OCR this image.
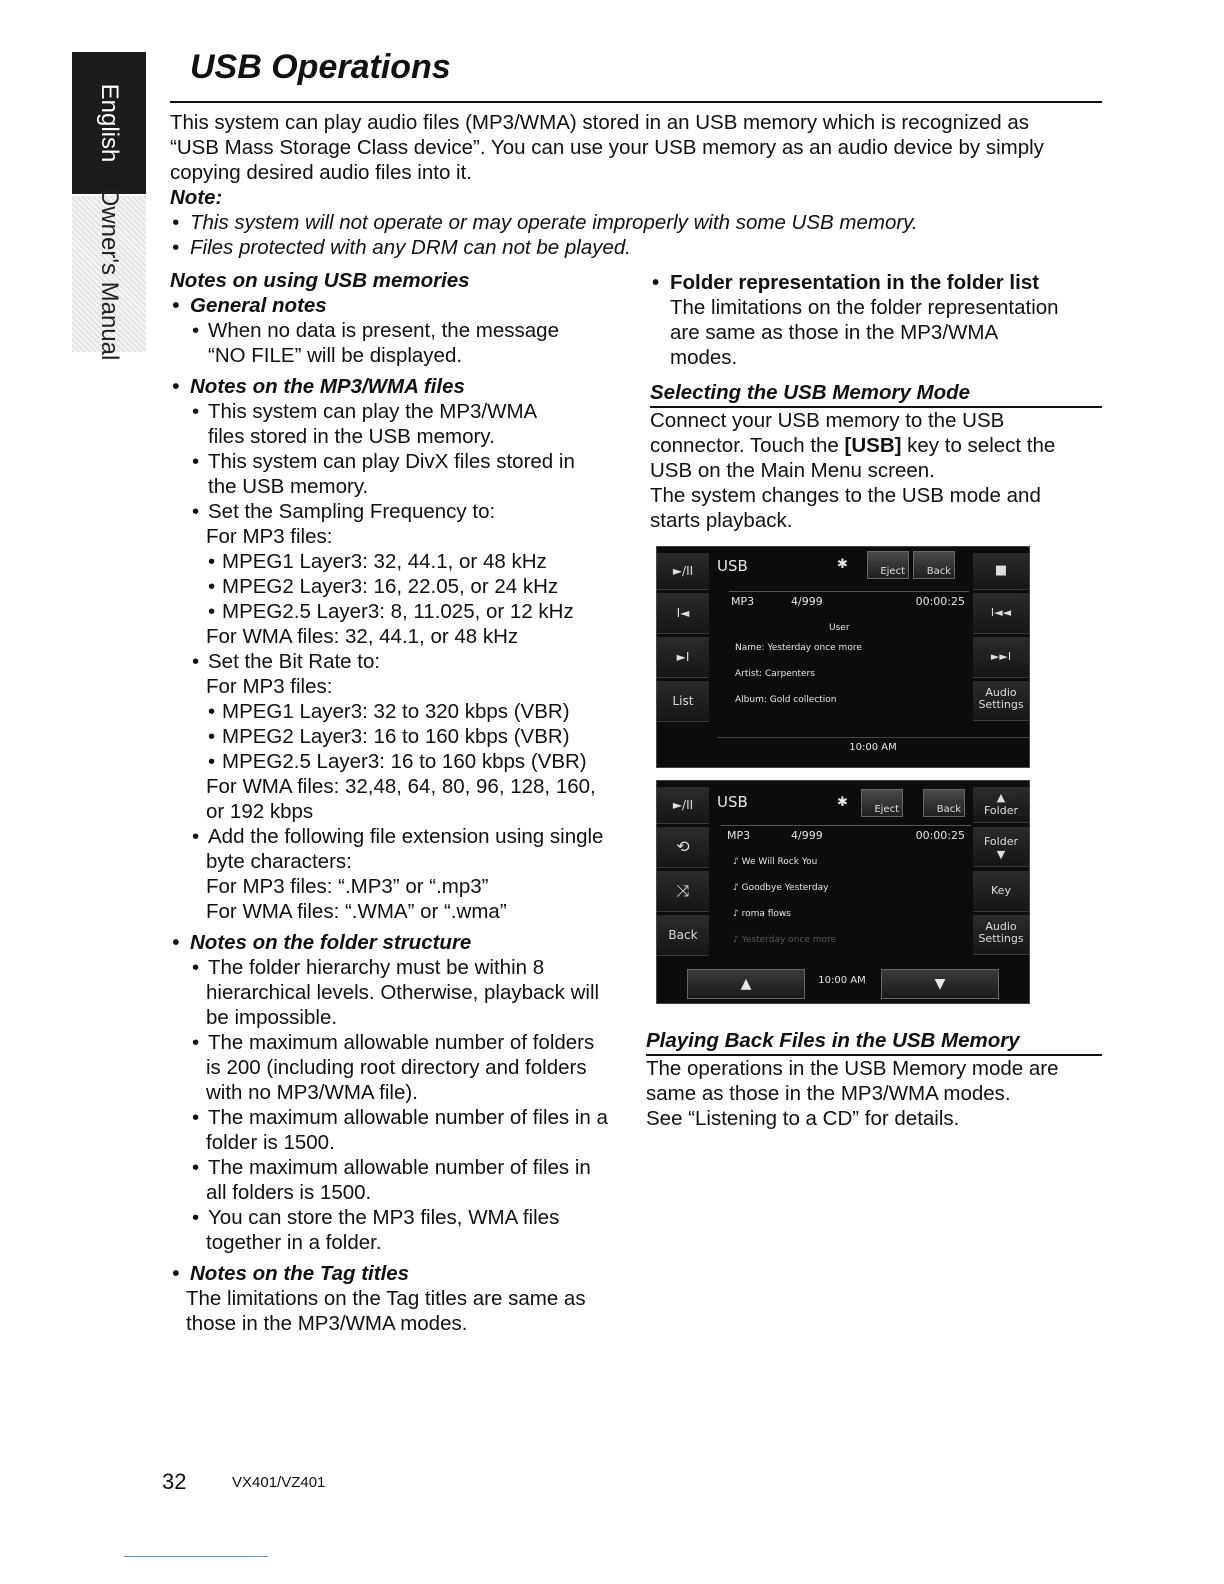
English
Owner's Manual
USB Operations

This system can play audio files (MP3/WMA) stored in an USB memory which is recognized as

“USB Mass Storage Class device”. You can use your USB memory as an audio device by simply

copying desired audio files into it.

Note:

• This system will not operate or may operate improperly with some USB memory.

• Files protected with any DRM can not be played.

Notes on using USB memories

• General notes

• When no data is present, the message

“NO FILE” will be displayed.

• Notes on the MP3/WMA files

• This system can play the MP3/WMA

files stored in the USB memory.

• This system can play DivX files stored in

the USB memory.

• Set the Sampling Frequency to:

For MP3 files:

• MPEG1 Layer3: 32, 44.1, or 48 kHz

• MPEG2 Layer3: 16, 22.05, or 24 kHz

• MPEG2.5 Layer3: 8, 11.025, or 12 kHz

For WMA files: 32, 44.1, or 48 kHz

• Set the Bit Rate to:

For MP3 files:

• MPEG1 Layer3: 32 to 320 kbps (VBR)

• MPEG2 Layer3: 16 to 160 kbps (VBR)

• MPEG2.5 Layer3: 16 to 160 kbps (VBR)

For WMA files: 32,48, 64, 80, 96, 128, 160,

or 192 kbps

• Add the following file extension using single

byte characters:

For MP3 files: “.MP3” or “.mp3”

For WMA files: “.WMA” or “.wma”

• Notes on the folder structure

• The folder hierarchy must be within 8

hierarchical levels. Otherwise, playback will

be impossible.

• The maximum allowable number of folders

is 200 (including root directory and folders

with no MP3/WMA file).

• The maximum allowable number of files in a

folder is 1500.

• The maximum allowable number of files in

all folders is 1500.

• You can store the MP3 files, WMA files

together in a folder.

• Notes on the Tag titles

The limitations on the Tag titles are same as

those in the MP3/WMA modes.

• Folder representation in the folder list

The limitations on the folder representation

are same as those in the MP3/WMA

modes.

Selecting the USB Memory Mode

Connect your USB memory to the USB

connector. Touch the [USB] key to select the

USB on the Main Menu screen.

The system changes to the USB mode and

starts playback.

►/II
I◄
►I
List
USB	✱	Eject	Back	■
I◄◄
►►I
Audio
Settings
MP3	4/999	00:00:25
User
Name: Yesterday once more
Artist: Carpenters
Album: Gold collection
10:00 AM
►/II
⟲
⤨
Back
USB	✱	Eject	Back
▲
Folder
Folder
▼
Key
Audio
Settings
MP3	4/999	00:00:25
♪ We Will Rock You
♪ Goodbye Yesterday
♪ roma flows
♪ Yesterday once more
▲	10:00 AM	▼

Playing Back Files in the USB Memory

The operations in the USB Memory mode are

same as those in the MP3/WMA modes.

See “Listening to a CD” for details.

32	VX401/VZ401
